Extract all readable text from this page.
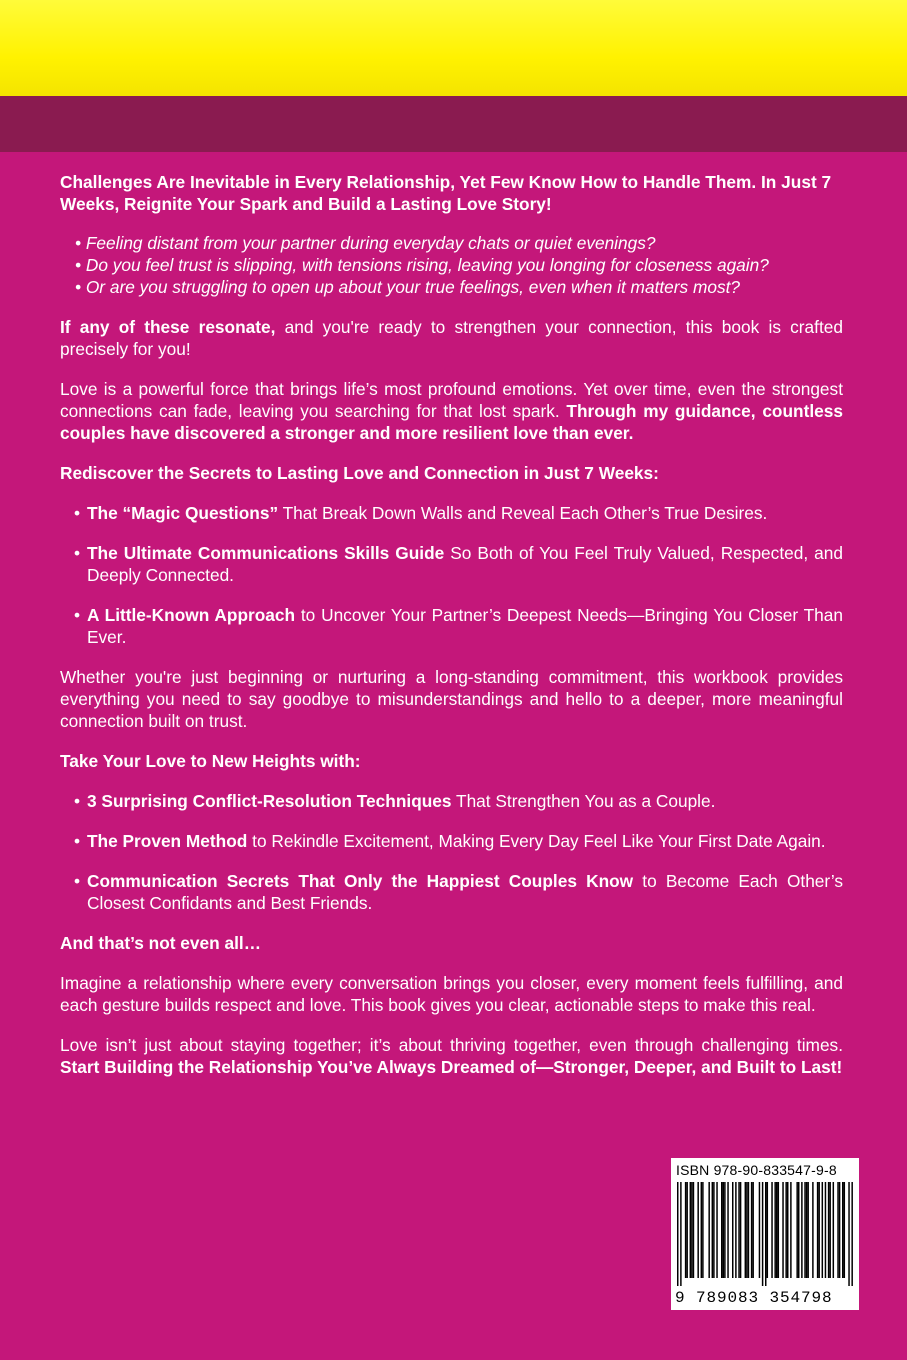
Challenges Are Inevitable in Every Relationship, Yet Few Know How to Handle Them. In Just 7 Weeks, Reignite Your Spark and Build a Lasting Love Story!

• Feeling distant from your partner during everyday chats or quiet evenings?
• Do you feel trust is slipping, with tensions rising, leaving you longing for closeness again?
• Or are you struggling to open up about your true feelings, even when it matters most?

If any of these resonate, and you're ready to strengthen your connection, this book is crafted precisely for you!

Love is a powerful force that brings life’s most profound emotions. Yet over time, even the strongest connections can fade, leaving you searching for that lost spark. Through my guidance, countless couples have discovered a stronger and more resilient love than ever.

Rediscover the Secrets to Lasting Love and Connection in Just 7 Weeks:

• The “Magic Questions” That Break Down Walls and Reveal Each Other’s True Desires.
• The Ultimate Communications Skills Guide So Both of You Feel Truly Valued, Respected, and Deeply Connected.
• A Little-Known Approach to Uncover Your Partner’s Deepest Needs—Bringing You Closer Than Ever.

Whether you're just beginning or nurturing a long-standing commitment, this workbook provides everything you need to say goodbye to misunderstandings and hello to a deeper, more meaningful connection built on trust.

Take Your Love to New Heights with:

• 3 Surprising Conflict-Resolution Techniques That Strengthen You as a Couple.
• The Proven Method to Rekindle Excitement, Making Every Day Feel Like Your First Date Again.
• Communication Secrets That Only the Happiest Couples Know to Become Each Other’s Closest Confidants and Best Friends.

And that’s not even all…

Imagine a relationship where every conversation brings you closer, every moment feels fulfilling, and each gesture builds respect and love. This book gives you clear, actionable steps to make this real.

Love isn’t just about staying together; it’s about thriving together, even through challenging times. Start Building the Relationship You’ve Always Dreamed of—Stronger, Deeper, and Built to Last!

ISBN 978-90-833547-9-8
9 789083 354798
